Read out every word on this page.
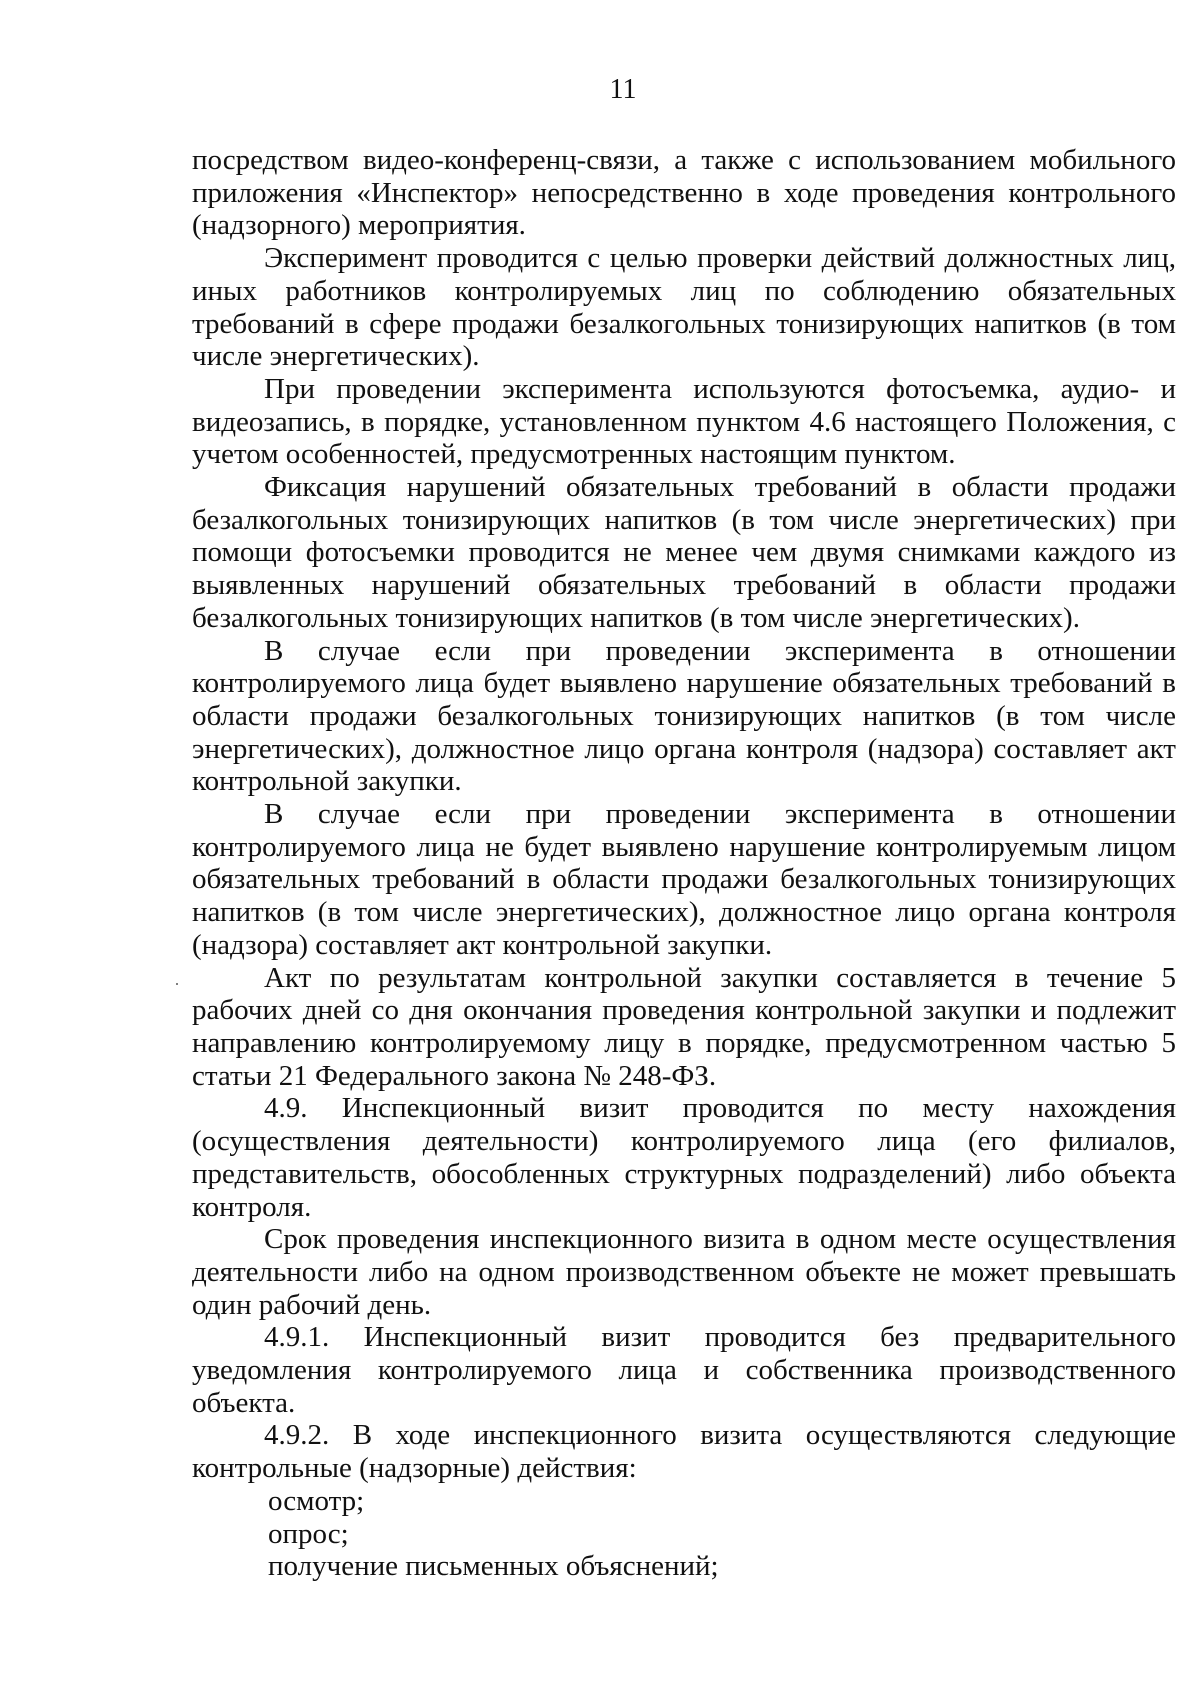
11

посредством видео-конференц-связи, а также с использованием мобильного приложения «Инспектор» непосредственно в ходе проведения контрольного (надзорного) мероприятия.

Эксперимент проводится с целью проверки действий должностных лиц, иных работников контролируемых лиц по соблюдению обязательных требований в сфере продажи безалкогольных тонизирующих напитков (в том числе энергетических).

При проведении эксперимента используются фотосъемка, аудио- и видеозапись, в порядке, установленном пунктом 4.6 настоящего Положения, с учетом особенностей, предусмотренных настоящим пунктом.

Фиксация нарушений обязательных требований в области продажи безалкогольных тонизирующих напитков (в том числе энергетических) при помощи фотосъемки проводится не менее чем двумя снимками каждого из выявленных нарушений обязательных требований в области продажи безалкогольных тонизирующих напитков (в том числе энергетических).

В случае если при проведении эксперимента в отношении контролируемого лица будет выявлено нарушение обязательных требований в области продажи безалкогольных тонизирующих напитков (в том числе энергетических), должностное лицо органа контроля (надзора) составляет акт контрольной закупки.

В случае если при проведении эксперимента в отношении контролируемого лица не будет выявлено нарушение контролируемым лицом обязательных требований в области продажи безалкогольных тонизирующих напитков (в том числе энергетических), должностное лицо органа контроля (надзора) составляет акт контрольной закупки.

Акт по результатам контрольной закупки составляется в течение 5 рабочих дней со дня окончания проведения контрольной закупки и подлежит направлению контролируемому лицу в порядке, предусмотренном частью 5 статьи 21 Федерального закона № 248-ФЗ.

4.9. Инспекционный визит проводится по месту нахождения (осуществления деятельности) контролируемого лица (его филиалов, представительств, обособленных структурных подразделений) либо объекта контроля.

Срок проведения инспекционного визита в одном месте осуществления деятельности либо на одном производственном объекте не может превышать один рабочий день.

4.9.1. Инспекционный визит проводится без предварительного уведомления контролируемого лица и собственника производственного объекта.

4.9.2. В ходе инспекционного визита осуществляются следующие контрольные (надзорные) действия:

осмотр;

опрос;

получение письменных объяснений;
